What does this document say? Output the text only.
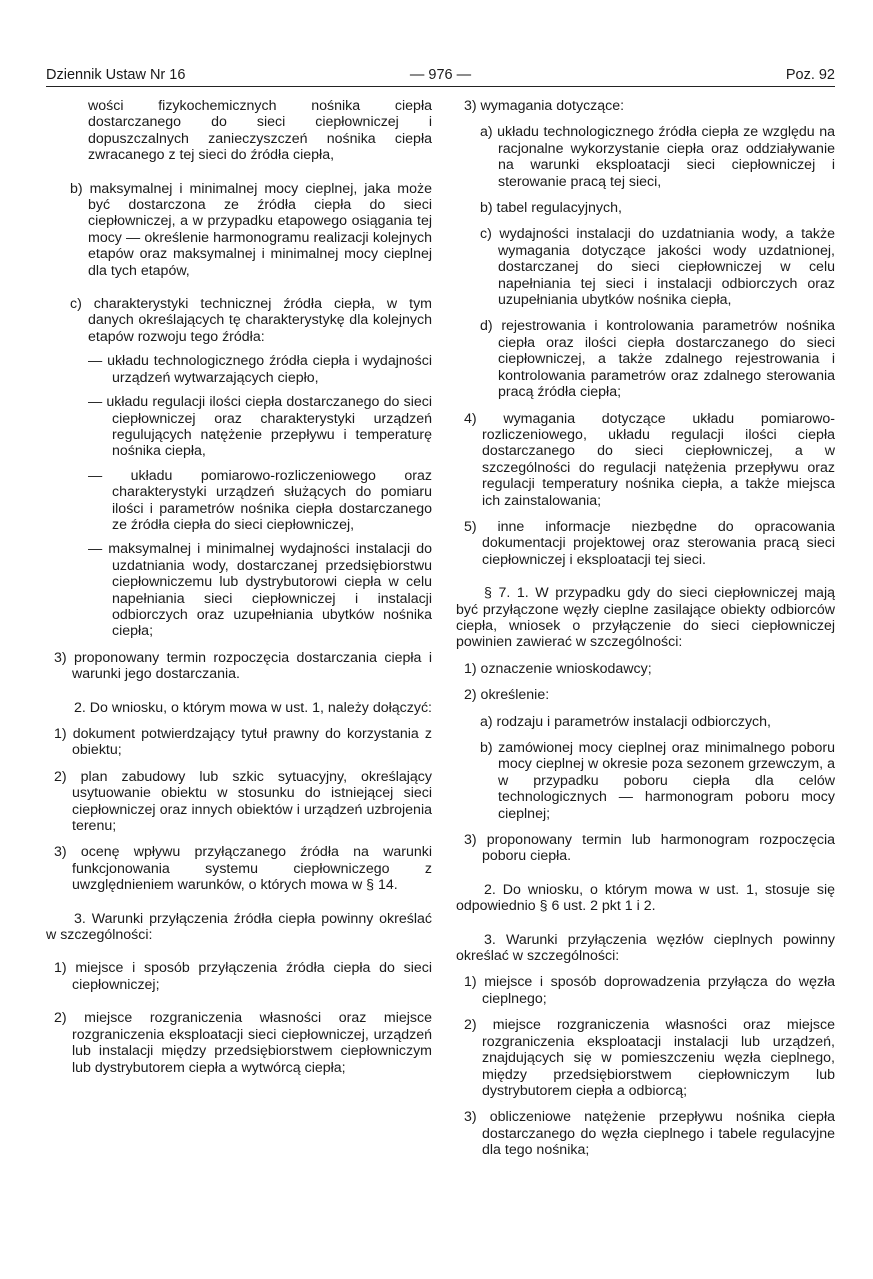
Dziennik Ustaw Nr 16	— 976 —	Poz. 92

wości fizykochemicznych nośnika ciepła dostarczanego do sieci ciepłowniczej i dopuszczalnych zanieczyszczeń nośnika ciepła zwracanego z tej sieci do źródła ciepła,

b) maksymalnej i minimalnej mocy cieplnej, jaka może być dostarczona ze źródła ciepła do sieci ciepłowniczej, a w przypadku etapowego osiągania tej mocy — określenie harmonogramu realizacji kolejnych etapów oraz maksymalnej i minimalnej mocy cieplnej dla tych etapów,

c) charakterystyki technicznej źródła ciepła, w tym danych określających tę charakterystykę dla kolejnych etapów rozwoju tego źródła:

— układu technologicznego źródła ciepła i wydajności urządzeń wytwarzających ciepło,

— układu regulacji ilości ciepła dostarczanego do sieci ciepłowniczej oraz charakterystyki urządzeń regulujących natężenie przepływu i temperaturę nośnika ciepła,

— układu pomiarowo-rozliczeniowego oraz charakterystyki urządzeń służących do pomiaru ilości i parametrów nośnika ciepła dostarczanego ze źródła ciepła do sieci ciepłowniczej,

— maksymalnej i minimalnej wydajności instalacji do uzdatniania wody, dostarczanej przedsiębiorstwu ciepłowniczemu lub dystrybutorowi ciepła w celu napełniania sieci ciepłowniczej i instalacji odbiorczych oraz uzupełniania ubytków nośnika ciepła;

3) proponowany termin rozpoczęcia dostarczania ciepła i warunki jego dostarczania.

2. Do wniosku, o którym mowa w ust. 1, należy dołączyć:

1) dokument potwierdzający tytuł prawny do korzystania z obiektu;

2) plan zabudowy lub szkic sytuacyjny, określający usytuowanie obiektu w stosunku do istniejącej sieci ciepłowniczej oraz innych obiektów i urządzeń uzbrojenia terenu;

3) ocenę wpływu przyłączanego źródła na warunki funkcjonowania systemu ciepłowniczego z uwzględnieniem warunków, o których mowa w § 14.

3. Warunki przyłączenia źródła ciepła powinny określać w szczególności:

1) miejsce i sposób przyłączenia źródła ciepła do sieci ciepłowniczej;

2) miejsce rozgraniczenia własności oraz miejsce rozgraniczenia eksploatacji sieci ciepłowniczej, urządzeń lub instalacji między przedsiębiorstwem ciepłowniczym lub dystrybutorem ciepła a wytwórcą ciepła;

3) wymagania dotyczące:

a) układu technologicznego źródła ciepła ze względu na racjonalne wykorzystanie ciepła oraz oddziaływanie na warunki eksploatacji sieci ciepłowniczej i sterowanie pracą tej sieci,

b) tabel regulacyjnych,

c) wydajności instalacji do uzdatniania wody, a także wymagania dotyczące jakości wody uzdatnionej, dostarczanej do sieci ciepłowniczej w celu napełniania tej sieci i instalacji odbiorczych oraz uzupełniania ubytków nośnika ciepła,

d) rejestrowania i kontrolowania parametrów nośnika ciepła oraz ilości ciepła dostarczanego do sieci ciepłowniczej, a także zdalnego rejestrowania i kontrolowania parametrów oraz zdalnego sterowania pracą źródła ciepła;

4) wymagania dotyczące układu pomiarowo-rozliczeniowego, układu regulacji ilości ciepła dostarczanego do sieci ciepłowniczej, a w szczególności do regulacji natężenia przepływu oraz regulacji temperatury nośnika ciepła, a także miejsca ich zainstalowania;

5) inne informacje niezbędne do opracowania dokumentacji projektowej oraz sterowania pracą sieci ciepłowniczej i eksploatacji tej sieci.

§ 7. 1. W przypadku gdy do sieci ciepłowniczej mają być przyłączone węzły cieplne zasilające obiekty odbiorców ciepła, wniosek o przyłączenie do sieci ciepłowniczej powinien zawierać w szczególności:

1) oznaczenie wnioskodawcy;

2) określenie:

a) rodzaju i parametrów instalacji odbiorczych,

b) zamówionej mocy cieplnej oraz minimalnego poboru mocy cieplnej w okresie poza sezonem grzewczym, a w przypadku poboru ciepła dla celów technologicznych — harmonogram poboru mocy cieplnej;

3) proponowany termin lub harmonogram rozpoczęcia poboru ciepła.

2. Do wniosku, o którym mowa w ust. 1, stosuje się odpowiednio § 6 ust. 2 pkt 1 i 2.

3. Warunki przyłączenia węzłów cieplnych powinny określać w szczególności:

1) miejsce i sposób doprowadzenia przyłącza do węzła cieplnego;

2) miejsce rozgraniczenia własności oraz miejsce rozgraniczenia eksploatacji instalacji lub urządzeń, znajdujących się w pomieszczeniu węzła cieplnego, między przedsiębiorstwem ciepłowniczym lub dystrybutorem ciepła a odbiorcą;

3) obliczeniowe natężenie przepływu nośnika ciepła dostarczanego do węzła cieplnego i tabele regulacyjne dla tego nośnika;
